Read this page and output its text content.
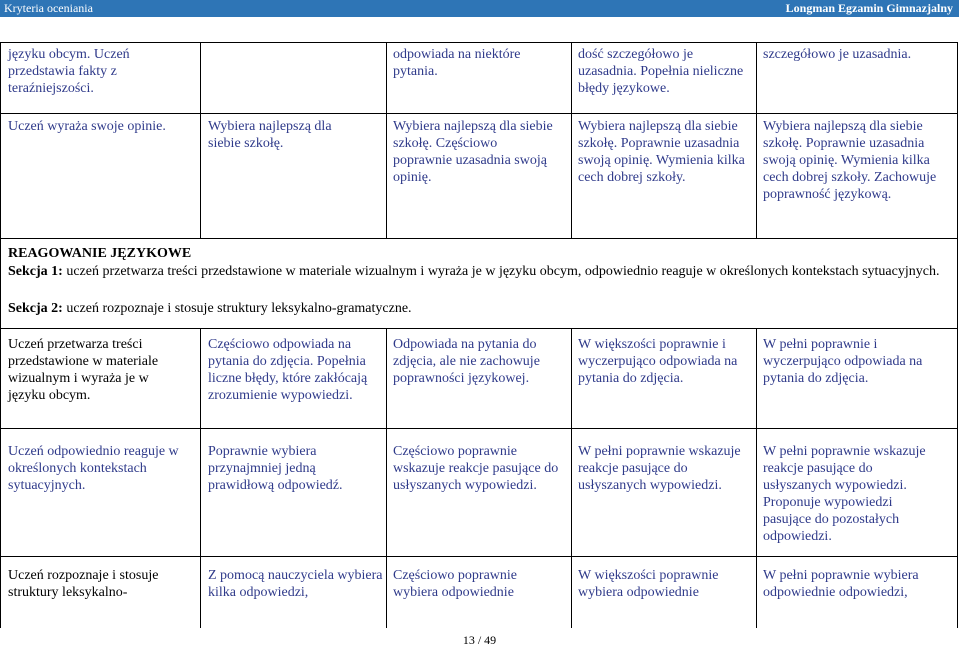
Kryteria oceniania	Longman Egzamin Gimnazjalny
języku obcym. Uczeń przedstawia fakty z teraźniejszości.
odpowiada na niektóre pytania.
dość szczegółowo je uzasadnia. Popełnia nieliczne błędy językowe.
szczegółowo je uzasadnia.
Uczeń wyraża swoje opinie.	Wybiera najlepszą dla siebie szkołę.
Wybiera najlepszą dla siebie szkołę. Częściowo poprawnie uzasadnia swoją opinię.
Wybiera najlepszą dla siebie szkołę. Poprawnie uzasadnia swoją opinię. Wymienia kilka cech dobrej szkoły.
Wybiera najlepszą dla siebie szkołę. Poprawnie uzasadnia swoją opinię. Wymienia kilka cech dobrej szkoły. Zachowuje poprawność językową.
REAGOWANIE JĘZYKOWE
Sekcja 1: uczeń przetwarza treści przedstawione w materiale wizualnym i wyraża je w języku obcym, odpowiednio reaguje w określonych kontekstach sytuacyjnych.
Sekcja 2: uczeń rozpoznaje i stosuje struktury leksykalno-gramatyczne.
Uczeń przetwarza treści przedstawione w materiale wizualnym i wyraża je w języku obcym.
Częściowo odpowiada na pytania do zdjęcia. Popełnia liczne błędy, które zakłócają zrozumienie wypowiedzi.
Odpowiada na pytania do zdjęcia, ale nie zachowuje poprawności językowej.
W większości poprawnie i wyczerpująco odpowiada na pytania do zdjęcia.
W pełni poprawnie i wyczerpująco odpowiada na pytania do zdjęcia.
Uczeń odpowiednio reaguje w określonych kontekstach sytuacyjnych.
Poprawnie wybiera przynajmniej jedną prawidłową odpowiedź.
Częściowo poprawnie wskazuje reakcje pasujące do usłyszanych wypowiedzi.
W pełni poprawnie wskazuje reakcje pasujące do usłyszanych wypowiedzi.
W pełni poprawnie wskazuje reakcje pasujące do usłyszanych wypowiedzi. Proponuje wypowiedzi pasujące do pozostałych odpowiedzi.
Uczeń rozpoznaje i stosuje struktury leksykalno-
Z pomocą nauczyciela wybiera kilka odpowiedzi,
Częściowo poprawnie wybiera odpowiednie
W większości poprawnie wybiera odpowiednie
W pełni poprawnie wybiera odpowiednie odpowiedzi,
13 / 49
